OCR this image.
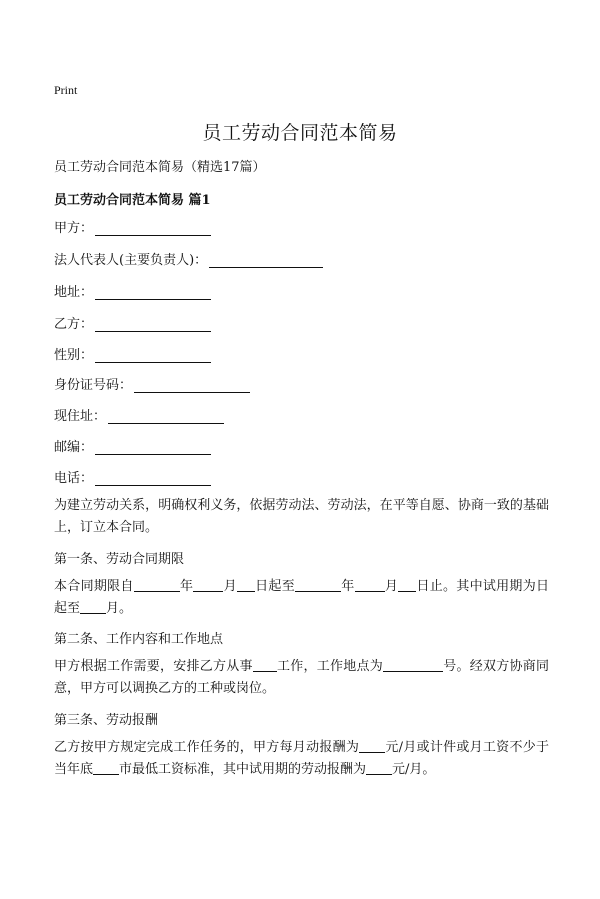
Print
员工劳动合同范本简易
员工劳动合同范本简易（精选17篇）
员工劳动合同范本简易 篇1
甲方：
法人代表人(主要负责人)：
地址：
乙方：
性别：
身份证号码：
现住址：
邮编：
电话：
为建立劳动关系，明确权利义务，依据劳动法、劳动法，在平等自愿、协商一致的基础上，订立本合同。
第一条、劳动合同期限
本合同期限自	年 月 日起至	年 月 日止。其中试用期为日起至 月。
第二条、工作内容和工作地点
甲方根据工作需要，安排乙方从事 工作，工作地点为	号。经双方协商同意，甲方可以调换乙方的工种或岗位。
第三条、劳动报酬
乙方按甲方规定完成工作任务的，甲方每月动报酬为 元/月或计件或月工资不少于当年底 市最低工资标准，其中试用期的劳动报酬为 元/月。
